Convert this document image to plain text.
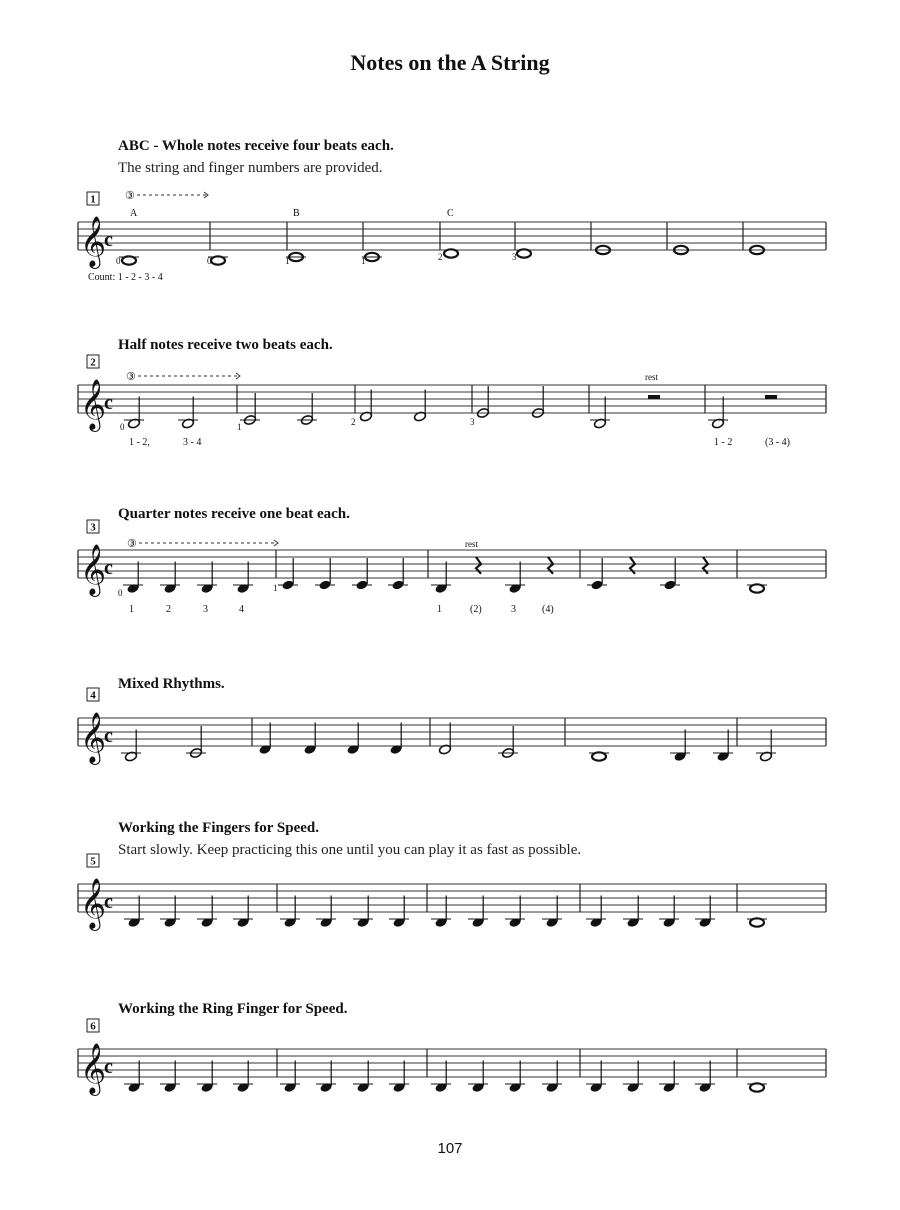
Notes on the A String
ABC - Whole notes receive four beats each.
The string and finger numbers are provided.
Half notes receive two beats each.
Quarter notes receive one beat each.
Mixed Rhythms.
Working the Fingers for Speed.
Start slowly. Keep practicing this one until you can play it as fast as possible.
Working the Ring Finger for Speed.
𝄞
c
1	③
A	B	C
0	0	1	1	2	3
Count: 1 - 2 - 3 - 4
𝄞
c
2
③	rest
0	1	2	3
1 - 2,	3 - 4	1 - 2	(3 - 4)
𝄞
c
3
③	rest
0	1
1	2	3	4	1	(2)	3	(4)
𝄞
c
4
𝄞
c
5
𝄞
c
6
107
